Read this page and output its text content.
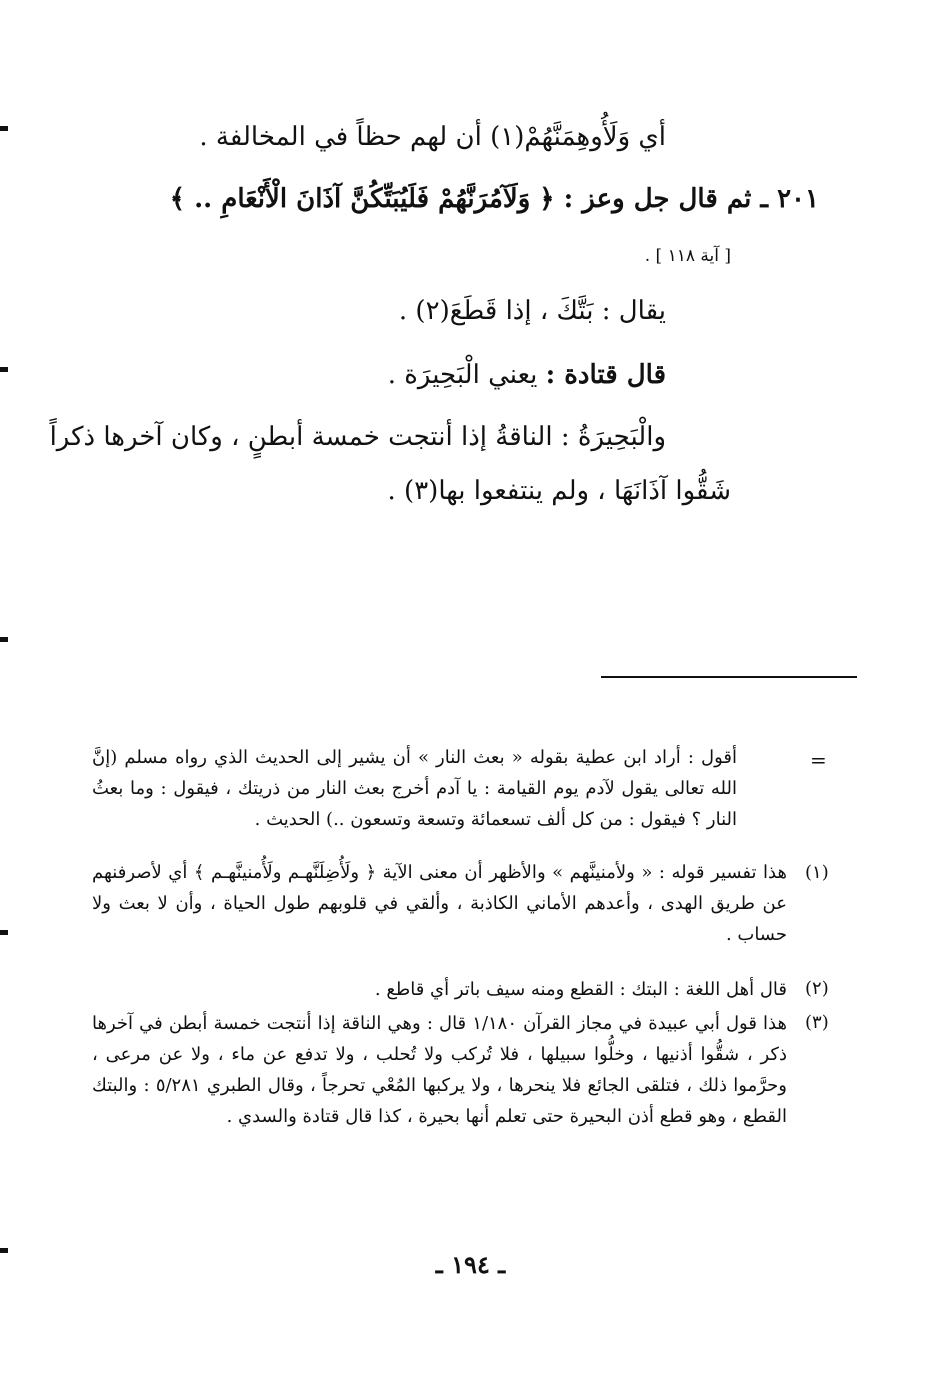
أي وَلَأُوهِمَنَّهُمْ(١) أن لهم حظاً في المخالفة .
٢٠١ ـ ثم قال جل وعز : ﴿ وَلَآمُرَنَّهُمْ فَلَيُبَتِّكُنَّ آذَانَ الْأَنْعَامِ .. ﴾
[ آية ١١٨ ] .
يقال : بَتَّكَ ، إذا قَطَعَ(٢) .
قال قتادة : يعني الْبَحِيرَة .
والْبَحِيرَةُ : الناقةُ إذا أنتجت خمسة أبطنٍ ، وكان آخرها ذكراً
شَقُّوا آذَانَهَا ، ولم ينتفعوا بها(٣) .
=
أقول : أراد ابن عطية بقوله « بعث النار » أن يشير إلى الحديث الذي رواه مسلم (إنَّ الله تعالى يقول لآدم يوم القيامة : يا آدم أخرج بعث النار من ذريتك ، فيقول : وما بعثُ النار ؟ فيقول : من كل ألف تسعمائة وتسعة وتسعون ..) الحديث .
(١)
هذا تفسير قوله : « ولأمنينَّهم » والأظهر أن معنى الآية ﴿ ولَأُضِلَنَّهـم ولَأُمنينَّهـم ﴾ أي لأصرفنهم عن طريق الهدى ، وأعدهم الأماني الكاذبة ، وألقي في قلوبهم طول الحياة ، وأن لا بعث ولا حساب .
(٢)
قال أهل اللغة : البتك : القطع ومنه سيف باتر أي قاطع .
(٣)
هذا قول أبي عبيدة في مجاز القرآن ١/١٨٠ قال : وهي الناقة إذا أنتجت خمسة أبطن في آخرها ذكر ، شقُّوا أذنيها ، وخلُّوا سبيلها ، فلا تُركب ولا تُحلب ، ولا تدفع عن ماء ، ولا عن مرعى ، وحرَّموا ذلك ، فتلقى الجائع فلا ينحرها ، ولا يركبها المُعْي تحرجاً ، وقال الطبري ٥/٢٨١ : والبتك القطع ، وهو قطع أذن البحيرة حتى تعلم أنها بحيرة ، كذا قال قتادة والسدي .
ـ ١٩٤ ـ
